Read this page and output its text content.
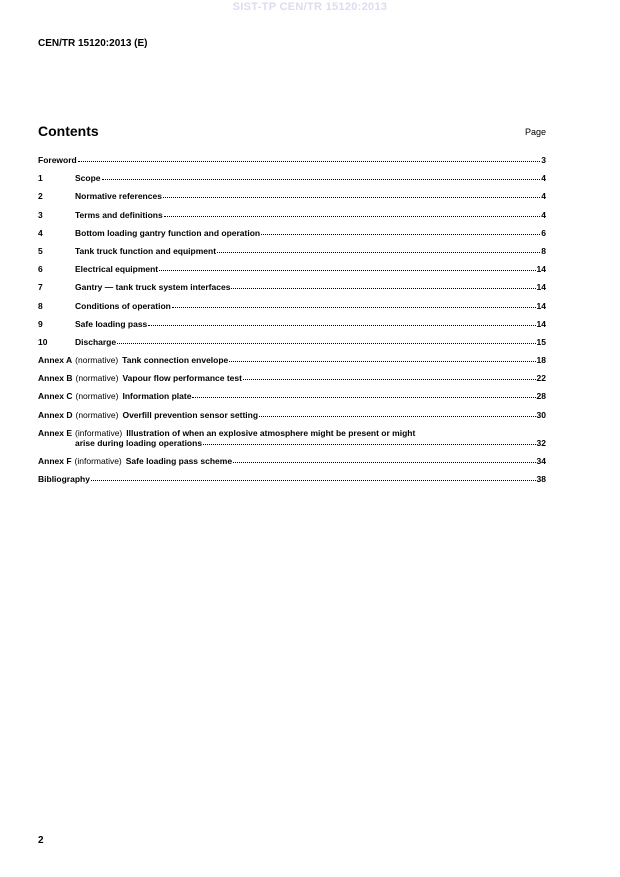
SIST-TP CEN/TR 15120:2013
CEN/TR 15120:2013 (E)
Contents	Page
Foreword	3
1	Scope	4
2	Normative references	4
3	Terms and definitions	4
4	Bottom loading gantry function and operation	6
5	Tank truck function and equipment	8
6	Electrical equipment	14
7	Gantry — tank truck system interfaces	14
8	Conditions of operation	14
9	Safe loading pass	14
10	Discharge	15
Annex A (normative) Tank connection envelope	18
Annex B (normative) Vapour flow performance test	22
Annex C (normative) Information plate	28
Annex D (normative) Overfill prevention sensor setting	30
Annex E (informative) Illustration of when an explosive atmosphere might be present or might
arise during loading operations	32
Annex F (informative) Safe loading pass scheme	34
Bibliography	38
2
